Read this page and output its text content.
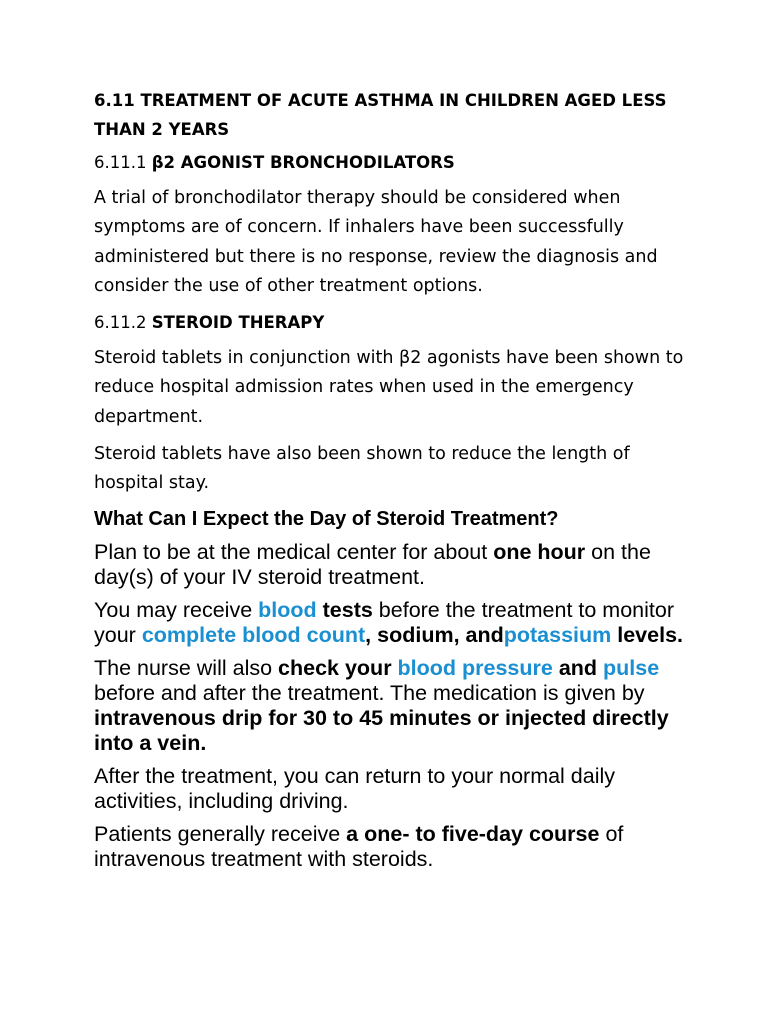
6.11 TREATMENT OF ACUTE ASTHMA IN CHILDREN AGED LESS THAN 2 YEARS
6.11.1 β2 AGONIST BRONCHODILATORS
A trial of bronchodilator therapy should be considered when symptoms are of concern. If inhalers have been successfully administered but there is no response, review the diagnosis and consider the use of other treatment options.
6.11.2 STEROID THERAPY
Steroid tablets in conjunction with β2 agonists have been shown to reduce hospital admission rates when used in the emergency department.
Steroid tablets have also been shown to reduce the length of hospital stay.
What Can I Expect the Day of Steroid Treatment?
Plan to be at the medical center for about one hour on the day(s) of your IV steroid treatment.
You may receive blood tests before the treatment to monitor your complete blood count, sodium, andpotassium levels.
The nurse will also check your blood pressure and pulse before and after the treatment. The medication is given by intravenous drip for 30 to 45 minutes or injected directly into a vein.
After the treatment, you can return to your normal daily activities, including driving.
Patients generally receive a one- to five-day course of intravenous treatment with steroids.
